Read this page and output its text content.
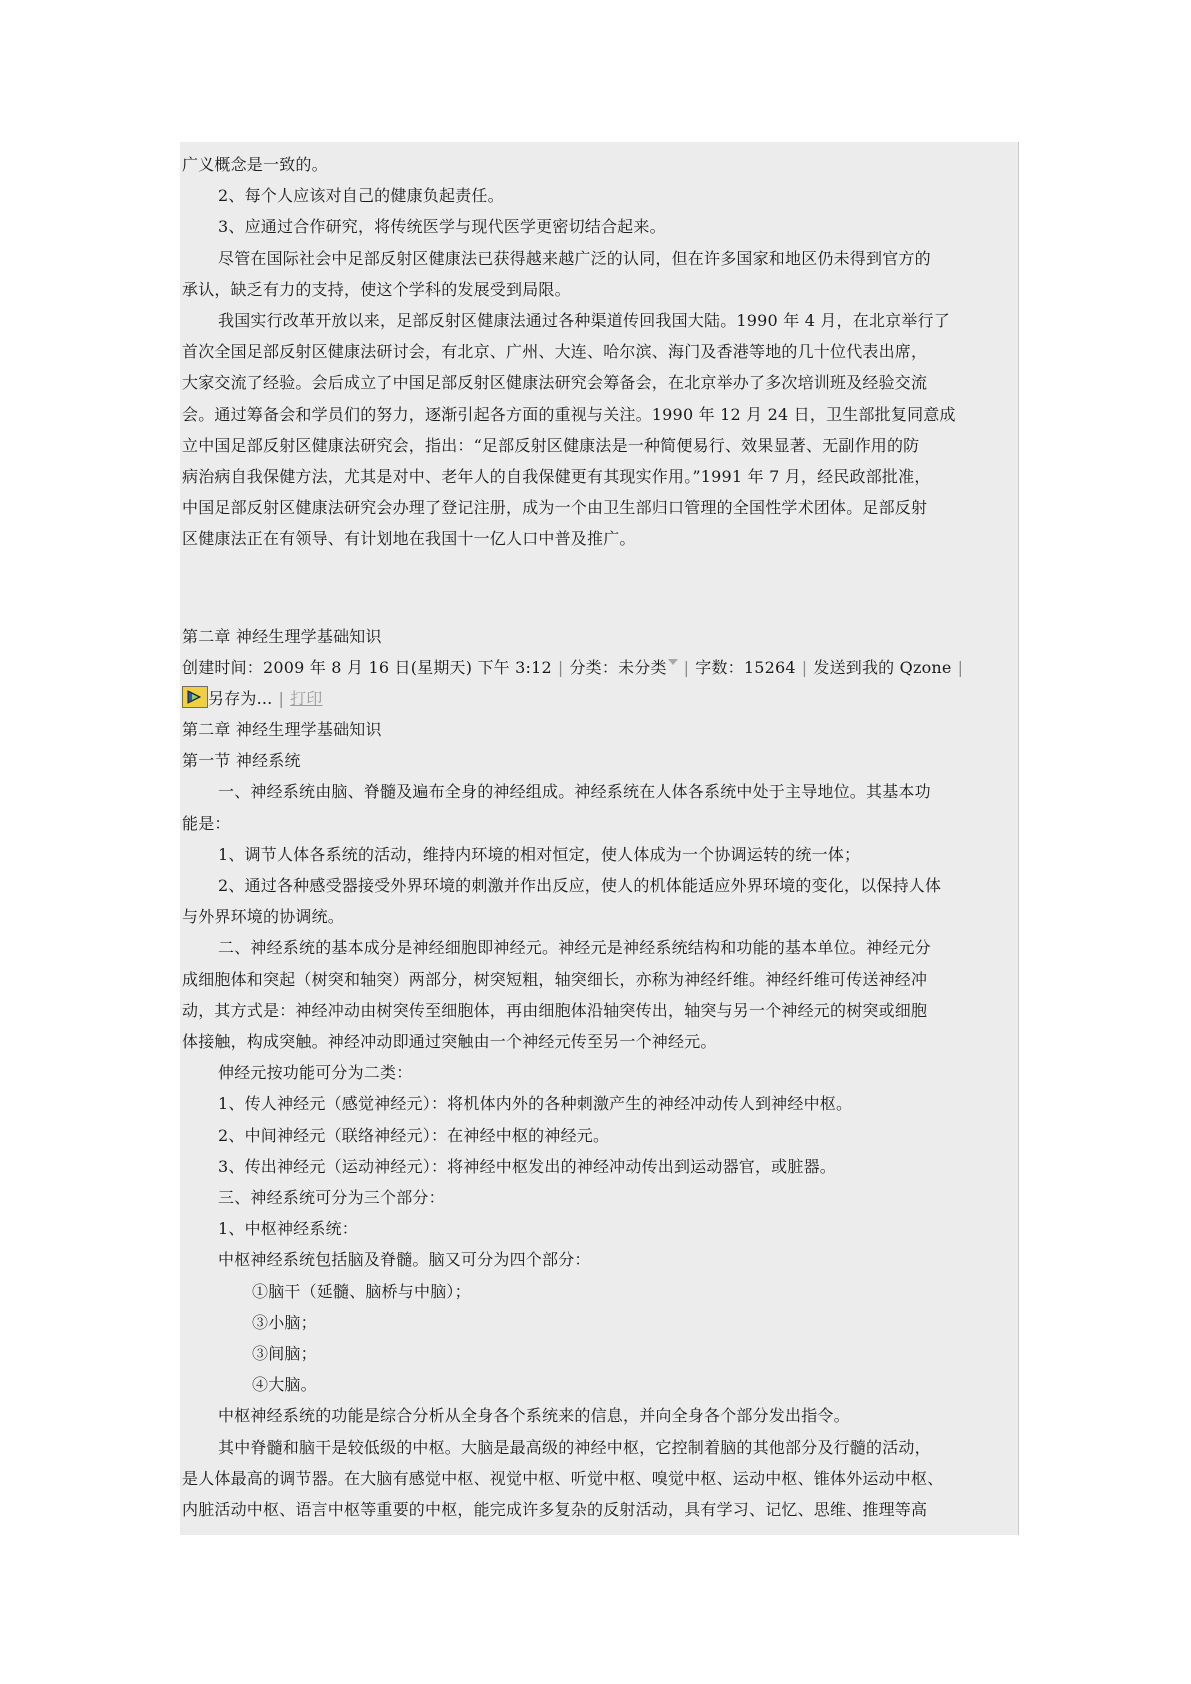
广义概念是一致的。

2、每个人应该对自己的健康负起责任。

3、应通过合作研究，将传统医学与现代医学更密切结合起来。

尽管在国际社会中足部反射区健康法已获得越来越广泛的认同，但在许多国家和地区仍未得到官方的

承认，缺乏有力的支持，使这个学科的发展受到局限。

我国实行改革开放以来，足部反射区健康法通过各种渠道传回我国大陆。1990 年 4 月，在北京举行了

首次全国足部反射区健康法研讨会，有北京、广州、大连、哈尔滨、海门及香港等地的几十位代表出席，

大家交流了经验。会后成立了中国足部反射区健康法研究会筹备会，在北京举办了多次培训班及经验交流

会。通过筹备会和学员们的努力，逐渐引起各方面的重视与关注。1990 年 12 月 24 日，卫生部批复同意成

立中国足部反射区健康法研究会，指出：“足部反射区健康法是一种简便易行、效果显著、无副作用的防

病治病自我保健方法，尤其是对中、老年人的自我保健更有其现实作用。”1991 年 7 月，经民政部批准，

中国足部反射区健康法研究会办理了登记注册，成为一个由卫生部归口管理的全国性学术团体。足部反射

区健康法正在有领导、有计划地在我国十一亿人口中普及推广。

第二章 神经生理学基础知识

创建时间：2009 年 8 月 16 日(星期天) 下午 3:12 | 分类：未分类 | 字数：15264 | 发送到我的 Qzone |

另存为... | 打印

第二章 神经生理学基础知识

第一节 神经系统

一、神经系统由脑、脊髓及遍布全身的神经组成。神经系统在人体各系统中处于主导地位。其基本功

能是：

1、调节人体各系统的活动，维持内环境的相对恒定，使人体成为一个协调运转的统一体；

2、通过各种感受器接受外界环境的刺激并作出反应，使人的机体能适应外界环境的变化，以保持人体

与外界环境的协调统。

二、神经系统的基本成分是神经细胞即神经元。神经元是神经系统结构和功能的基本单位。神经元分

成细胞体和突起（树突和轴突）两部分，树突短粗，轴突细长，亦称为神经纤维。神经纤维可传送神经冲

动，其方式是：神经冲动由树突传至细胞体，再由细胞体沿轴突传出，轴突与另一个神经元的树突或细胞

体接触，构成突触。神经冲动即通过突触由一个神经元传至另一个神经元。

伸经元按功能可分为二类：

1、传人神经元（感觉神经元）：将机体内外的各种刺激产生的神经冲动传人到神经中枢。

2、中间神经元（联络神经元）：在神经中枢的神经元。

3、传出神经元（运动神经元）：将神经中枢发出的神经冲动传出到运动器官，或脏器。

三、神经系统可分为三个部分：

1、中枢神经系统：

中枢神经系统包括脑及脊髓。脑又可分为四个部分：

①脑干（延髓、脑桥与中脑）；

③小脑；

③间脑；

④大脑。

中枢神经系统的功能是综合分析从全身各个系统来的信息，并向全身各个部分发出指令。

其中脊髓和脑干是较低级的中枢。大脑是最高级的神经中枢，它控制着脑的其他部分及行髓的活动，

是人体最高的调节器。在大脑有感觉中枢、视觉中枢、听觉中枢、嗅觉中枢、运动中枢、锥体外运动中枢、

内脏活动中枢、语言中枢等重要的中枢，能完成许多复杂的反射活动，具有学习、记忆、思维、推理等高
